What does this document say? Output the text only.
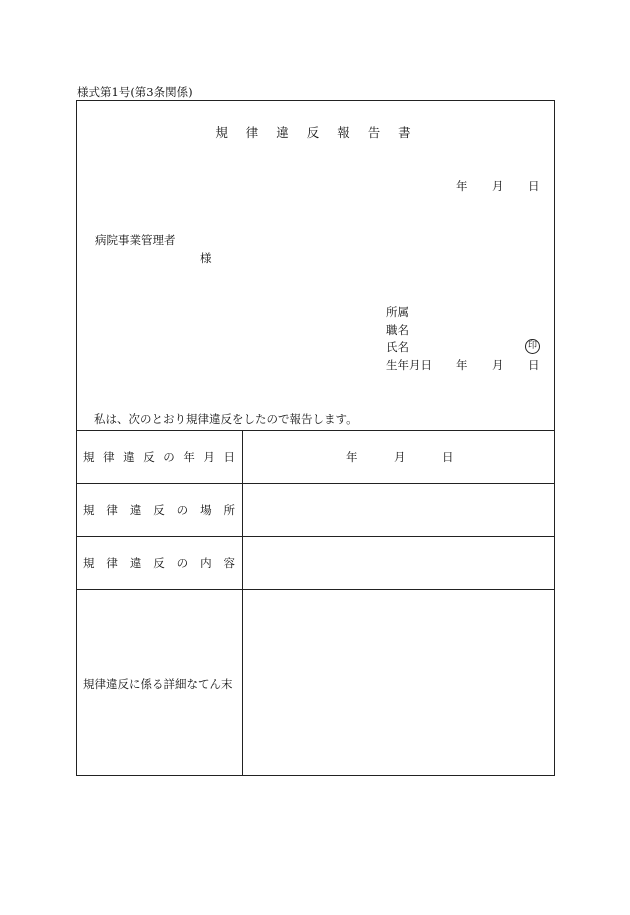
様式第1号(第3条関係)
規 律 違 反 報 告 書
年 月 日
病院事業管理者
様
所属
職名
氏名	印
生年月日 年 月 日
私は、次のとおり規律違反をしたので報告します。
規律違反の年月日	年	月	日
規律違反の場所
規律違反の内容
規律違反に係る詳細なてん末
